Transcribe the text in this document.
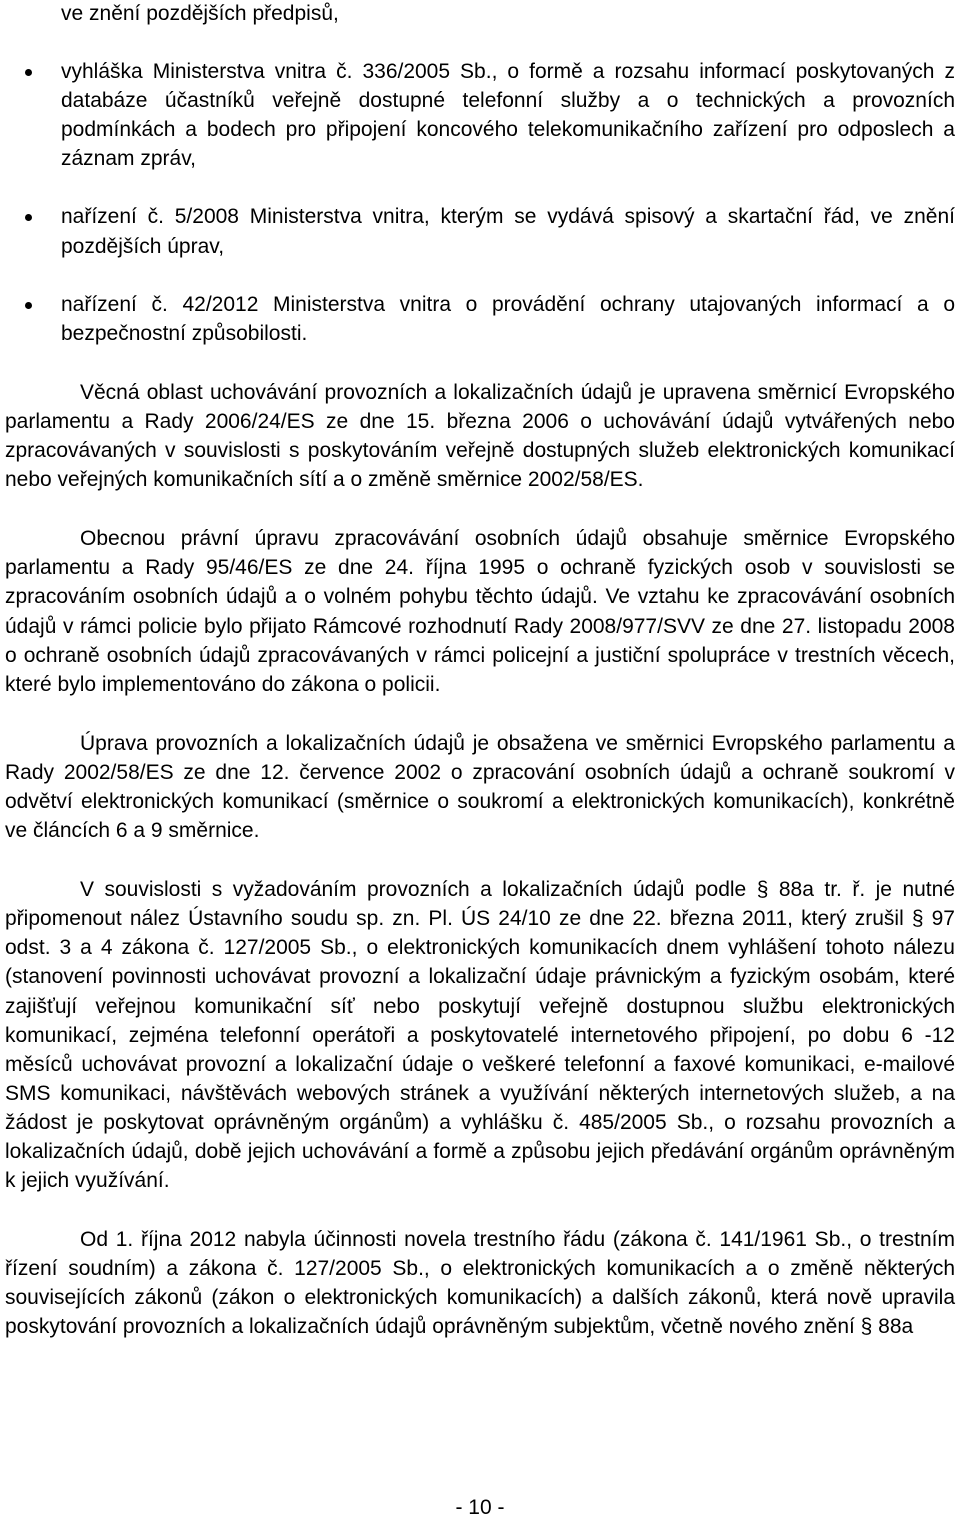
ve znění pozdějších předpisů,

vyhláška Ministerstva vnitra č. 336/2005 Sb., o formě a rozsahu informací poskytovaných z databáze účastníků veřejně dostupné telefonní služby a o technických a provozních podmínkách a bodech pro připojení koncového telekomunikačního zařízení pro odposlech a záznam zpráv,
nařízení č. 5/2008 Ministerstva vnitra, kterým se vydává spisový a skartační řád, ve znění pozdějších úprav,
nařízení č. 42/2012 Ministerstva vnitra o provádění ochrany utajovaných informací a o bezpečnostní způsobilosti.

Věcná oblast uchovávání provozních a lokalizačních údajů je upravena směrnicí Evropského parlamentu a Rady 2006/24/ES ze dne 15. března 2006 o uchovávání údajů vytvářených nebo zpracovávaných v souvislosti s poskytováním veřejně dostupných služeb elektronických komunikací nebo veřejných komunikačních sítí a o změně směrnice 2002/58/ES.

Obecnou právní úpravu zpracovávání osobních údajů obsahuje směrnice Evropského parlamentu a Rady 95/46/ES ze dne 24. října 1995 o ochraně fyzických osob v souvislosti se zpracováním osobních údajů a o volném pohybu těchto údajů. Ve vztahu ke zpracovávání osobních údajů v rámci policie bylo přijato Rámcové rozhodnutí Rady 2008/977/SVV ze dne 27. listopadu 2008 o ochraně osobních údajů zpracovávaných v rámci policejní a justiční spolupráce v trestních věcech, které bylo implementováno do zákona o policii.

Úprava provozních a lokalizačních údajů je obsažena ve směrnici Evropského parlamentu a Rady 2002/58/ES ze dne 12. července 2002 o zpracování osobních údajů a ochraně soukromí v odvětví elektronických komunikací (směrnice o soukromí a elektronických komunikacích), konkrétně ve článcích 6 a 9 směrnice.

V souvislosti s vyžadováním provozních a lokalizačních údajů podle § 88a tr. ř. je nutné připomenout nález Ústavního soudu sp. zn. Pl. ÚS 24/10 ze dne 22. března 2011, který zrušil § 97 odst. 3 a 4 zákona č. 127/2005 Sb., o elektronických komunikacích dnem vyhlášení tohoto nálezu (stanovení povinnosti uchovávat provozní a lokalizační údaje právnickým a fyzickým osobám, které zajišťují veřejnou komunikační síť nebo poskytují veřejně dostupnou službu elektronických komunikací, zejména telefonní operátoři a poskytovatelé internetového připojení, po dobu 6 -12 měsíců uchovávat provozní a lokalizační údaje o veškeré telefonní a faxové komunikaci, e-mailové SMS komunikaci, návštěvách webových stránek a využívání některých internetových služeb, a na žádost je poskytovat oprávněným orgánům) a vyhlášku č. 485/2005 Sb., o rozsahu provozních a lokalizačních údajů, době jejich uchovávání a formě a způsobu jejich předávání orgánům oprávněným k jejich využívání.

Od 1. října 2012 nabyla účinnosti novela trestního řádu (zákona č. 141/1961 Sb., o trestním řízení soudním) a zákona č. 127/2005 Sb., o elektronických komunikacích a o změně některých souvisejících zákonů (zákon o elektronických komunikacích) a dalších zákonů, která nově upravila poskytování provozních a lokalizačních údajů oprávněným subjektům, včetně nového znění § 88a

- 10 -
